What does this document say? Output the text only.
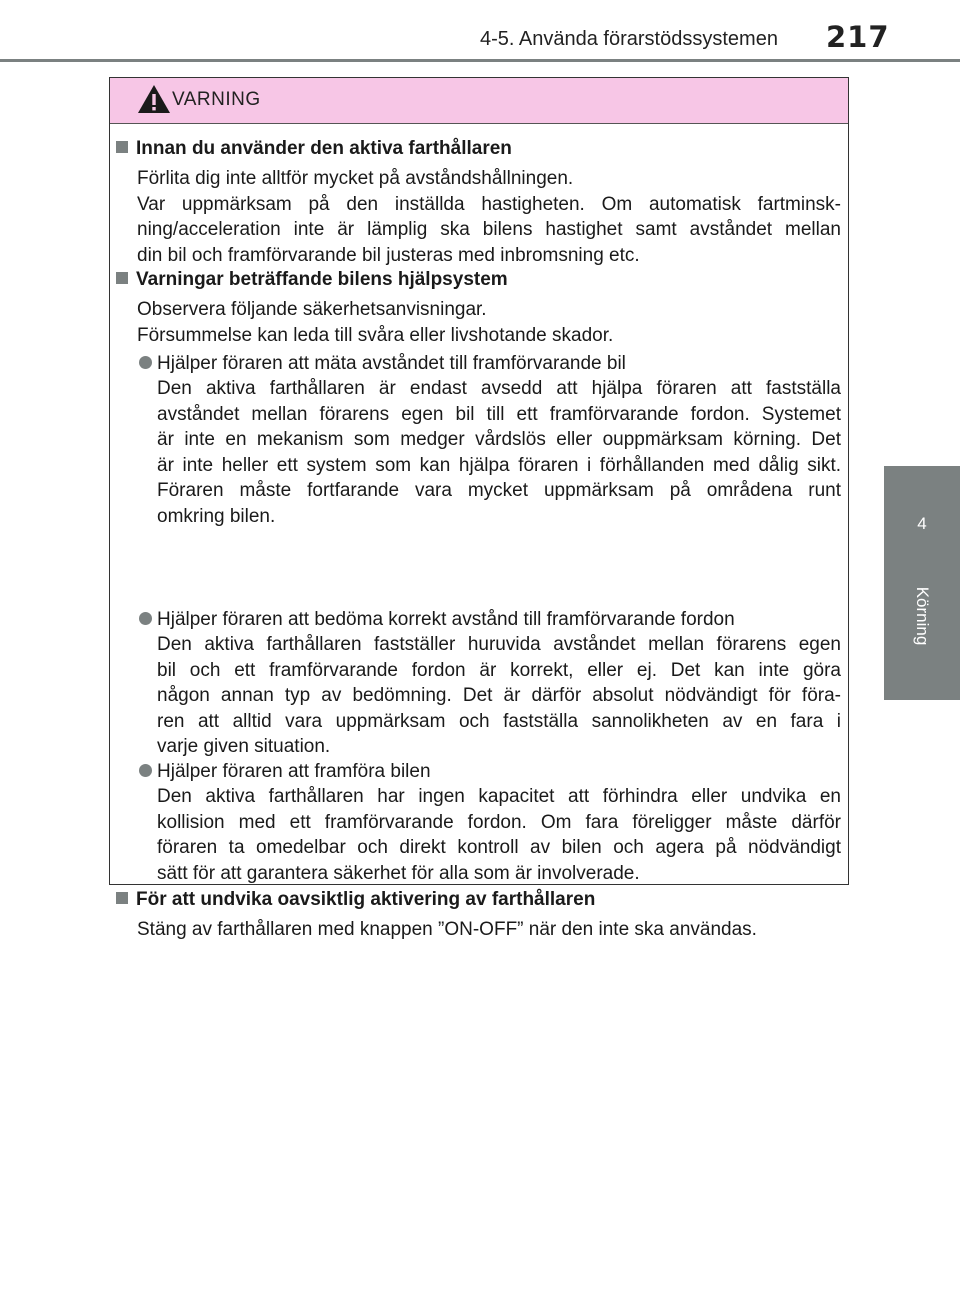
4-5. Använda förarstödssystemen 217
4
Körning
VARNING
Innan du använder den aktiva farthållaren
Förlita dig inte alltför mycket på avståndshållningen.
Var uppmärksam på den inställda hastigheten. Om automatisk fartminsk-
ning/acceleration inte är lämplig ska bilens hastighet samt avståndet mellan
din bil och framförvarande bil justeras med inbromsning etc.
Varningar beträffande bilens hjälpsystem
Observera följande säkerhetsanvisningar.
Försummelse kan leda till svåra eller livshotande skador.
Hjälper föraren att mäta avståndet till framförvarande bil
Den aktiva farthållaren är endast avsedd att hjälpa föraren att fastställa
avståndet mellan förarens egen bil till ett framförvarande fordon. Systemet
är inte en mekanism som medger vårdslös eller ouppmärksam körning. Det
är inte heller ett system som kan hjälpa föraren i förhållanden med dålig sikt.
Föraren måste fortfarande vara mycket uppmärksam på områdena runt
omkring bilen.
Hjälper föraren att bedöma korrekt avstånd till framförvarande fordon
Den aktiva farthållaren fastställer huruvida avståndet mellan förarens egen
bil och ett framförvarande fordon är korrekt, eller ej. Det kan inte göra
någon annan typ av bedömning. Det är därför absolut nödvändigt för föra-
ren att alltid vara uppmärksam och fastställa sannolikheten av en fara i
varje given situation.
Hjälper föraren att framföra bilen
Den aktiva farthållaren har ingen kapacitet att förhindra eller undvika en
kollision med ett framförvarande fordon. Om fara föreligger måste därför
föraren ta omedelbar och direkt kontroll av bilen och agera på nödvändigt
sätt för att garantera säkerhet för alla som är involverade.
För att undvika oavsiktlig aktivering av farthållaren
Stäng av farthållaren med knappen ”ON-OFF” när den inte ska användas.
